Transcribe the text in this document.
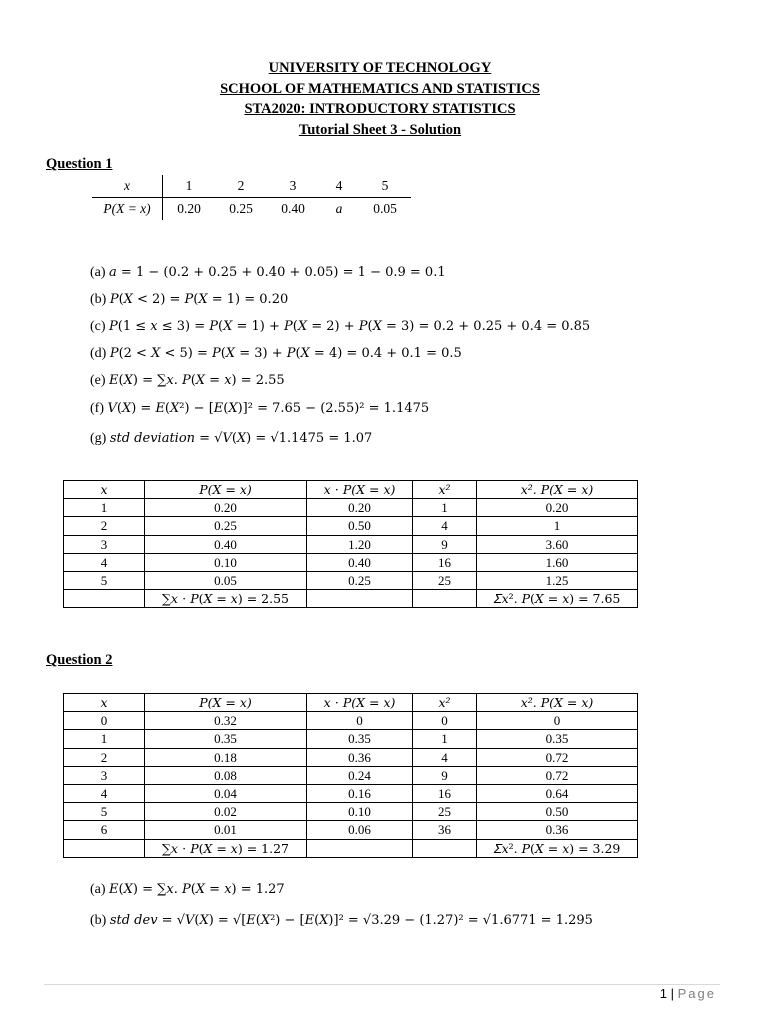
UNIVERSITY OF TECHNOLOGY
SCHOOL OF MATHEMATICS AND STATISTICS
STA2020: INTRODUCTORY STATISTICS
Tutorial Sheet 3 - Solution
Question 1
x	1	2	3	4	5
P(X = x)	0.20	0.25	0.40	a	0.05
(a) 𝑎 = 1 − (0.2 + 0.25 + 0.40 + 0.05) = 1 − 0.9 = 0.1
(b) 𝑃(𝑋 < 2) = 𝑃(𝑋 = 1) = 0.20
(c) 𝑃(1 ≤ 𝑥 ≤ 3) = 𝑃(𝑋 = 1) + 𝑃(𝑋 = 2) + 𝑃(𝑋 = 3) = 0.2 + 0.25 + 0.4 = 0.85
(d) 𝑃(2 < 𝑋 < 5) = 𝑃(𝑋 = 3) + 𝑃(𝑋 = 4) = 0.4 + 0.1 = 0.5
(e) 𝐸(𝑋) = ∑𝑥. 𝑃(𝑋 = 𝑥) = 2.55
(f) 𝑉(𝑋) = 𝐸(𝑋²) − [𝐸(𝑋)]² = 7.65 − (2.55)² = 1.1475
(g) 𝑠𝑡𝑑 𝑑𝑒𝑣𝑖𝑎𝑡𝑖𝑜𝑛 = √𝑉(𝑋) = √1.1475 = 1.07
𝑥	𝑃(𝑋 = 𝑥)	𝑥 ⋅ 𝑃(𝑋 = 𝑥)	𝑥²	𝑥². 𝑃(𝑋 = 𝑥)
1	0.20	0.20	1	0.20
2	0.25	0.50	4	1
3	0.40	1.20	9	3.60
4	0.10	0.40	16	1.60
5	0.05	0.25	25	1.25
	∑𝑥 ⋅ 𝑃(𝑋 = 𝑥) = 2.55			𝛴𝑥². 𝑃(𝑋 = 𝑥) = 7.65
Question 2
𝑥	𝑃(𝑋 = 𝑥)	𝑥 ⋅ 𝑃(𝑋 = 𝑥)	𝑥²	𝑥². 𝑃(𝑋 = 𝑥)
0	0.32	0	0	0
1	0.35	0.35	1	0.35
2	0.18	0.36	4	0.72
3	0.08	0.24	9	0.72
4	0.04	0.16	16	0.64
5	0.02	0.10	25	0.50
6	0.01	0.06	36	0.36
	∑𝑥 ⋅ 𝑃(𝑋 = 𝑥) = 1.27			𝛴𝑥². 𝑃(𝑋 = 𝑥) = 3.29
(a) 𝐸(𝑋) = ∑𝑥. 𝑃(𝑋 = 𝑥) = 1.27
(b) 𝑠𝑡𝑑 𝑑𝑒𝑣 = √𝑉(𝑋) = √[𝐸(𝑋²) − [𝐸(𝑋)]² = √3.29 − (1.27)² = √1.6771 = 1.295
1 | Page
